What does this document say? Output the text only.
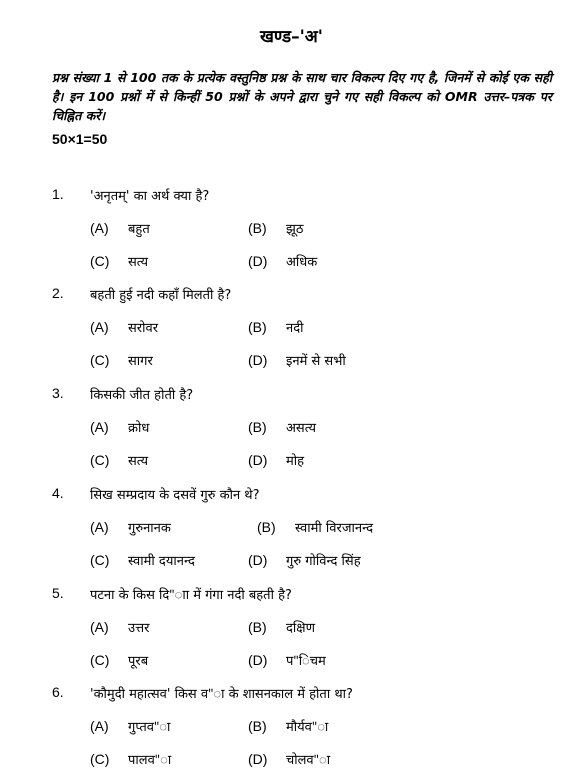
खण्ड–'अ'
प्रश्न संख्या 1 से 100 तक के प्रत्येक वस्तुनिष्ठ प्रश्न के साथ चार विकल्प दिए गए है, जिनमें से कोई एक सही है। इन 100 प्रश्नों में से किन्हीं 50 प्रश्नों के अपने द्वारा चुने गए सही विकल्प को OMR उत्तर–पत्रक पर चिह्नित करें।
50×1=50
1. 'अनृतम्' का अर्थ क्या है?
(A) बहुत	(B) झूठ
(C) सत्य	(D) अधिक
2. बहती हुई नदी कहाँ मिलती है?
(A) सरोवर	(B) नदी
(C) सागर	(D) इनमें से सभी
3. किसकी जीत होती है?
(A) क्रोध	(B) असत्य
(C) सत्य	(D) मोह
4. सिख सम्प्रदाय के दसवें गुरु कौन थे?
(A) गुरुनानक	(B) स्वामी विरजानन्द
(C) स्वामी दयानन्द	(D) गुरु गोविन्द सिंह
5. पटना के किस दि"ाा में गंगा नदी बहती है?
(A) उत्तर	(B) दक्षिण
(C) पूरब	(D) प"िचम
6. 'कौमुदी महात्सव' किस व"ा के शासनकाल में होता था?
(A) गुप्तव"ा	(B) मौर्यव"ा
(C) पालव"ा	(D) चोलव"ा
